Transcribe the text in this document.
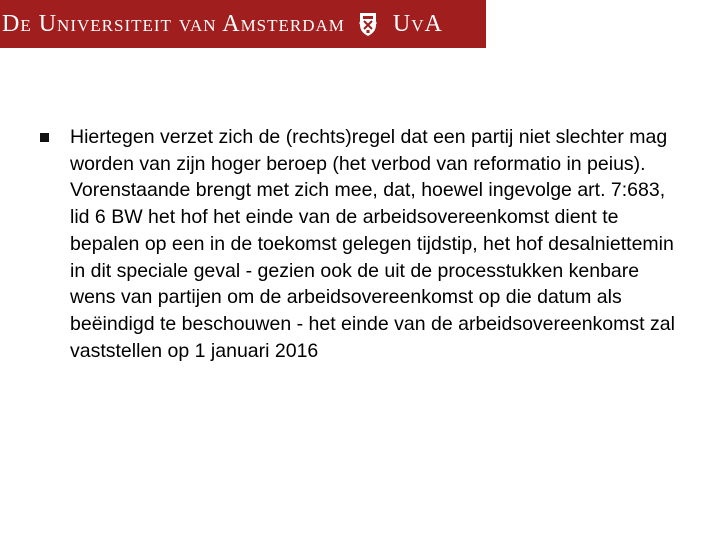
De Universiteit van Amsterdam UvA

Hiertegen verzet zich de (rechts)regel dat een partij niet slechter mag worden van zijn hoger beroep (het verbod van reformatio in peius). Vorenstaande brengt met zich mee, dat, hoewel ingevolge art. 7:683, lid 6 BW het hof het einde van de arbeidsovereenkomst dient te bepalen op een in de toekomst gelegen tijdstip, het hof desalniettemin in dit speciale geval - gezien ook de uit de processtukken kenbare wens van partijen om de arbeidsovereenkomst op die datum als beëindigd te beschouwen - het einde van de arbeidsovereenkomst zal vaststellen op 1 januari 2016
